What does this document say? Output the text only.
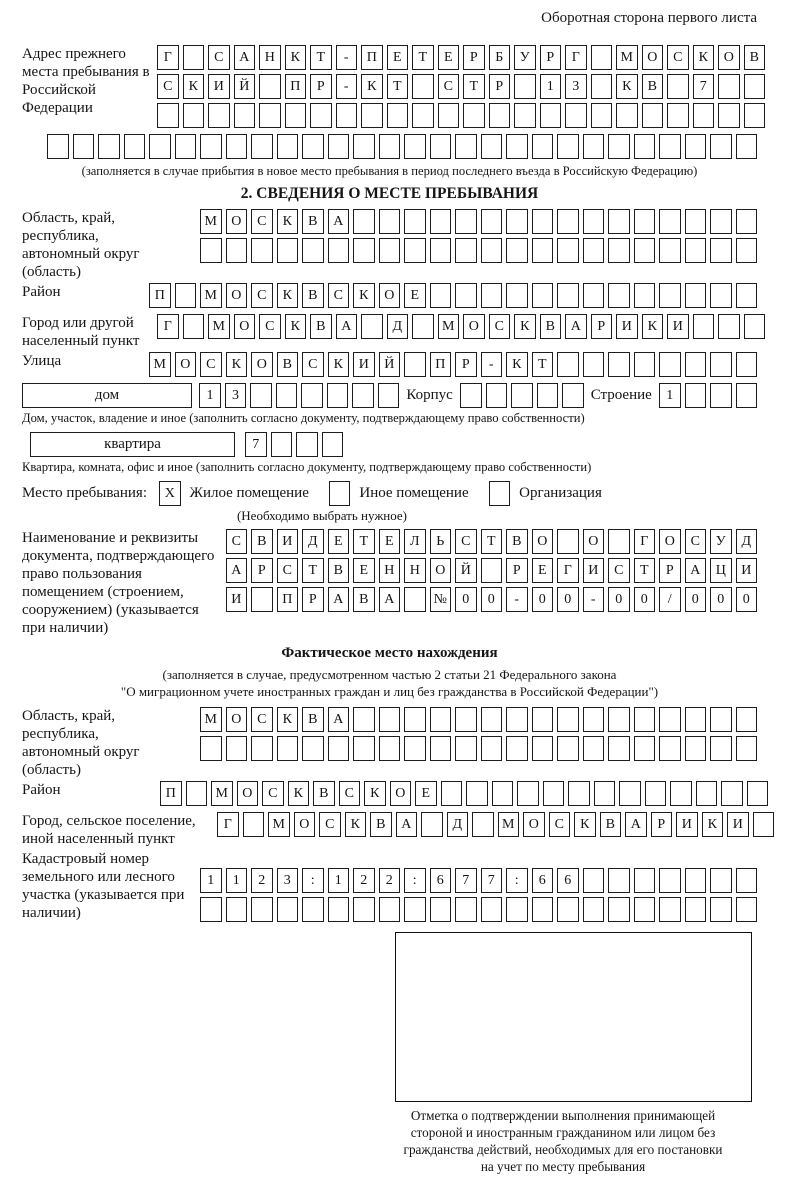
Оборотная сторона первого листа
Адрес прежнего места пребывания в Российской Федерации
Г	С	А	Н	К	Т	-	П	Е	Т	Е	Р	Б	У	Р	Г	М	О	С	К	О	В
С	К	И	Й	П	Р	-	К	Т	С	Т	Р	1	3	К	В	7
(заполняется в случае прибытия в новое место пребывания в период последнего въезда в Российскую Федерацию)
2. СВЕДЕНИЯ О МЕСТЕ ПРЕБЫВАНИЯ
Область, край, республика, автономный округ (область)
М	О	С	К	В	А
Район	П	М	О	С	К	В	С	К	О	Е
Город или другой населенный пункт
Г	М	О	С	К	В	А	Д	М	О	С	К	В	А	Р	И	К	И
Улица	М	О	С	К	О	В	С	К	И	Й	П	Р	-	К	Т
дом	1	3	Корпус	Строение	1
Дом, участок, владение и иное (заполнить согласно документу, подтверждающему право собственности)
квартира	7
Квартира, комната, офис и иное (заполнить согласно документу, подтверждающему право собственности)
Место пребывания:	X Жилое помещение	Иное помещение	Организация
(Необходимо выбрать нужное)
Наименование и реквизиты документа, подтверждающего право пользования помещением (строением, сооружением) (указывается при наличии)
С	В	И	Д	Е	Т	Е	Л	Ь	С	Т	В	О	О	Г	О	С	У	Д
А	Р	С	Т	В	Е	Н	Н	О	Й	Р	Е	Г	И	С	Т	Р	А	Ц	И
И	П	Р	А	В	А	№	0	0	-	0	0	-	0	0	/	0	0	0
Фактическое место нахождения
(заполняется в случае, предусмотренном частью 2 статьи 21 Федерального закона
"О миграционном учете иностранных граждан и лиц без гражданства в Российской Федерации")
Область, край, республика, автономный округ (область)
М	О	С	К	В	А
Район	П	М	О	С	К	В	С	К	О	Е
Город, сельское поселение, иной населенный пункт
Г	М	О	С	К	В	А	Д	М	О	С	К	В	А	Р	И	К	И
Кадастровый номер земельного или лесного участка (указывается при наличии)
1	1	2	3	:	1	2	2	:	6	7	7	:	6	6
Отметка о подтверждении выполнения принимающей
стороной и иностранным гражданином или лицом без
гражданства действий, необходимых для его постановки
на учет по месту пребывания
